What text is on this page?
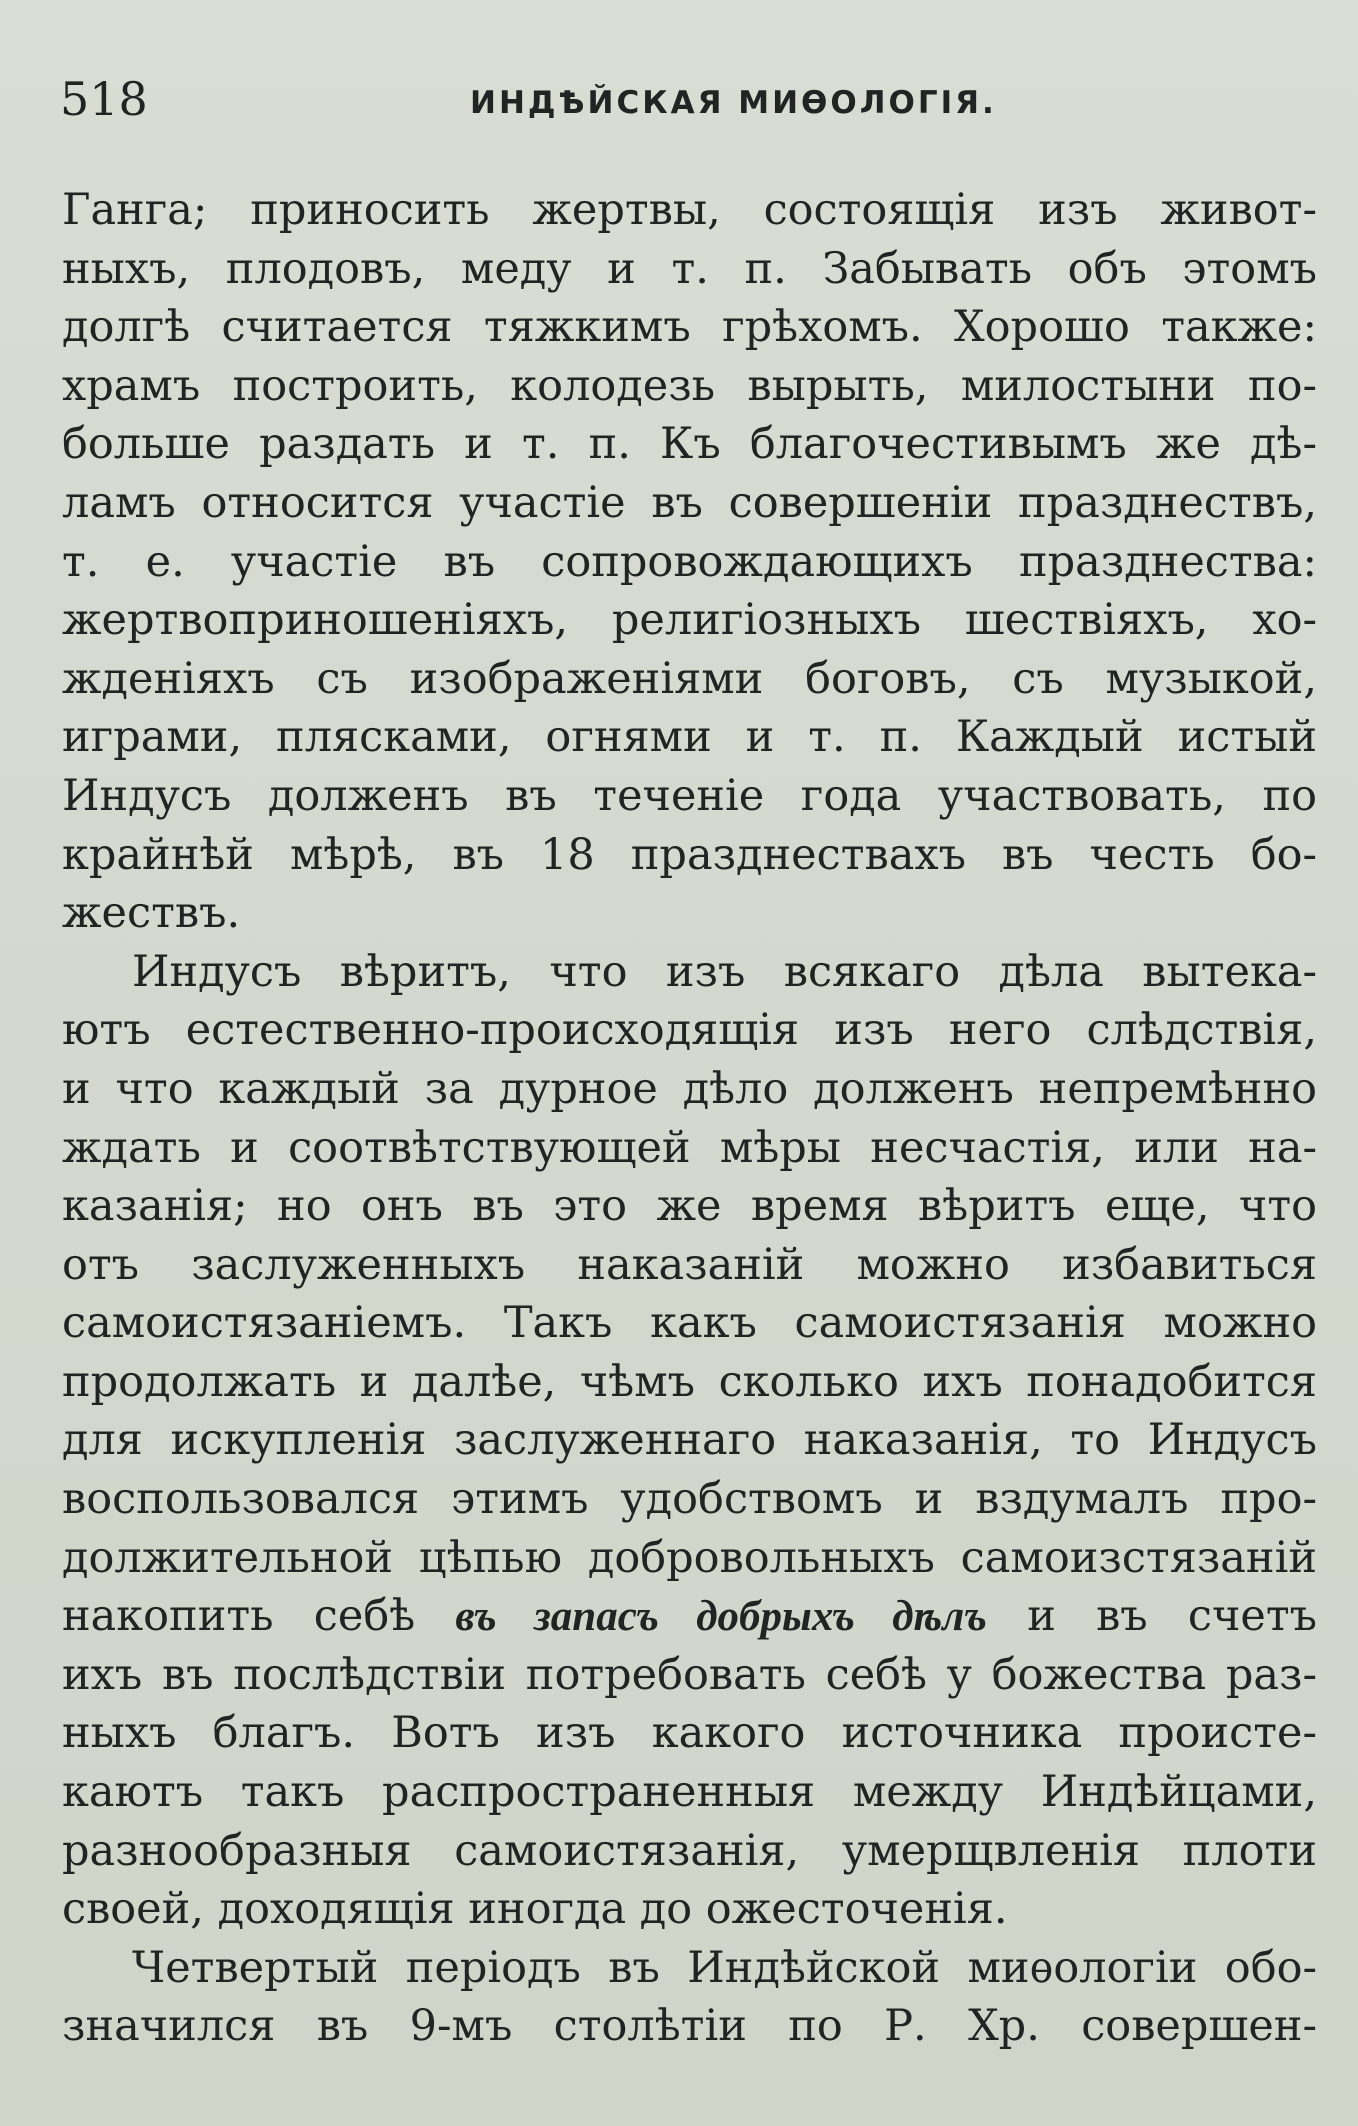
518	ИНДѢЙСКАЯ МИѲОЛОГІЯ.
Ганга; приносить жертвы, состоящія изъ живот-
ныхъ, плодовъ, меду и т. п. Забывать объ этомъ
долгѣ считается тяжкимъ грѣхомъ. Хорошо также:
храмъ построить, колодезь вырыть, милостыни по-
больше раздать и т. п. Къ благочестивымъ же дѣ-
ламъ относится участіе въ совершеніи празднествъ,
т. е. участіе въ сопровождающихъ празднества:
жертвоприношеніяхъ, религіозныхъ шествіяхъ, хо-
жденіяхъ съ изображеніями боговъ, съ музыкой,
играми, плясками, огнями и т. п. Каждый истый
Индусъ долженъ въ теченіе года участвовать, по
крайнѣй мѣрѣ, въ 18 празднествахъ въ честь бо-
жествъ.
Индусъ вѣритъ, что изъ всякаго дѣла вытека-
ютъ естественно-происходящія изъ него слѣдствія,
и что каждый за дурное дѣло долженъ непремѣнно
ждать и соотвѣтствующей мѣры несчастія, или на-
казанія; но онъ въ это же время вѣритъ еще, что
отъ заслуженныхъ наказаній можно избавиться
самоистязаніемъ. Такъ какъ самоистязанія можно
продолжать и далѣе, чѣмъ сколько ихъ понадобится
для искупленія заслуженнаго наказанія, то Индусъ
воспользовался этимъ удобствомъ и вздумалъ про-
должительной цѣпью добровольныхъ самоизстязаній
накопить себѣ въ запасъ добрыхъ дѣлъ и въ счетъ
ихъ въ послѣдствіи потребовать себѣ у божества раз-
ныхъ благъ. Вотъ изъ какого источника происте-
каютъ такъ распространенныя между Индѣйцами,
разнообразныя самоистязанія, умерщвленія плоти
своей, доходящія иногда до ожесточенія.
Четвертый періодъ въ Индѣйской миѳологіи обо-
значился въ 9-мъ столѣтіи по Р. Хр. совершен-
